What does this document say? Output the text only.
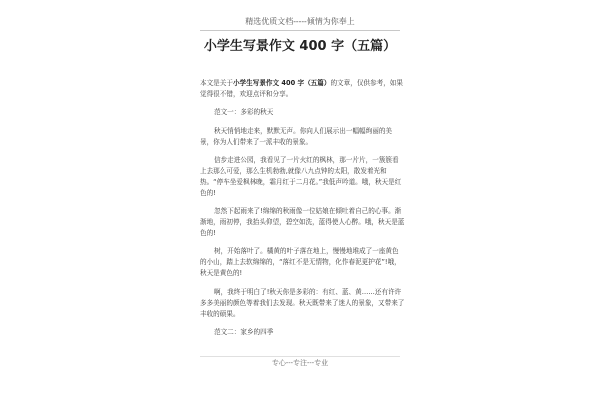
精选优质文档-----倾情为你奉上
小学生写景作文 400 字（五篇）

本文是关于小学生写景作文 400 字（五篇）的文章，仅供参考，如果觉得很不错，欢迎点评和分享。

范文一：多彩的秋天

秋天悄悄地走来，默默无声。你向人们展示出一幅幅绚丽的美景，你为人们带来了一派丰收的景象。

信步走进公园，我看见了一片火红的枫林，那一片片，一簇簇看上去那么可爱，那么生机勃勃,就像八九点钟的太阳，散发着光和热。“停车坐爱枫林晚，霜月红于二月花。”我低声吟道。哦，秋天是红色的!

忽然下起雨来了!绵绵的秋雨像一位姑娘在倾吐着自己的心事。渐渐地，雨初停，我抬头仰望，碧空如洗，蓝得使人心醉。哦，秋天是蓝色的!

树，开始落叶了。橘黄的叶子落在地上，慢慢地堆成了一座黄色的小山，踏上去软绵绵的，“落红不是无情物，化作春泥更护花”!哦，秋天是黄色的!

啊，我终于明白了!秋天你是多彩的：有红、蓝、黄……还有许许多多美丽的颜色等着我们去发现。秋天既带来了迷人的景象，又带来了丰收的硕果。

范文二：家乡的四季

专心---专注---专业
